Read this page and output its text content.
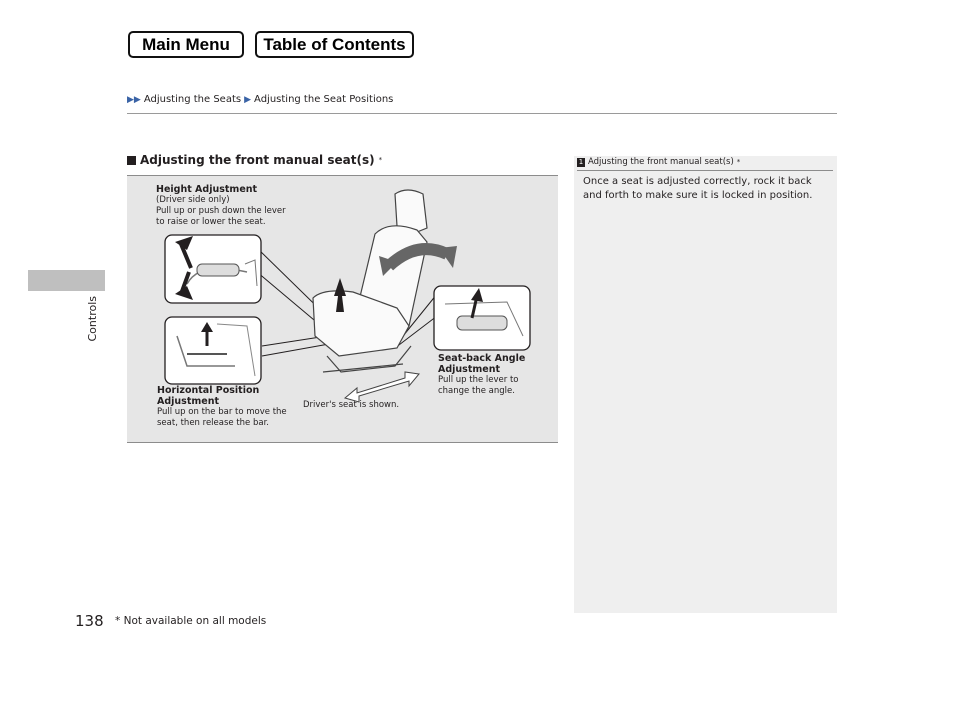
Main Menu	Table of Contents
▶▶ Adjusting the Seats ▶ Adjusting the Seat Positions
Controls
Adjusting the front manual seat(s) *
Height Adjustment
(Driver side only)
Pull up or push down the lever to raise or lower the seat.
Horizontal Position Adjustment
Pull up on the bar to move the seat, then release the bar.
Seat-back Angle Adjustment
Pull up the lever to change the angle.
Driver's seat is shown.
1 Adjusting the front manual seat(s) *
Once a seat is adjusted correctly, rock it back and forth to make sure it is locked in position.
138 * Not available on all models
